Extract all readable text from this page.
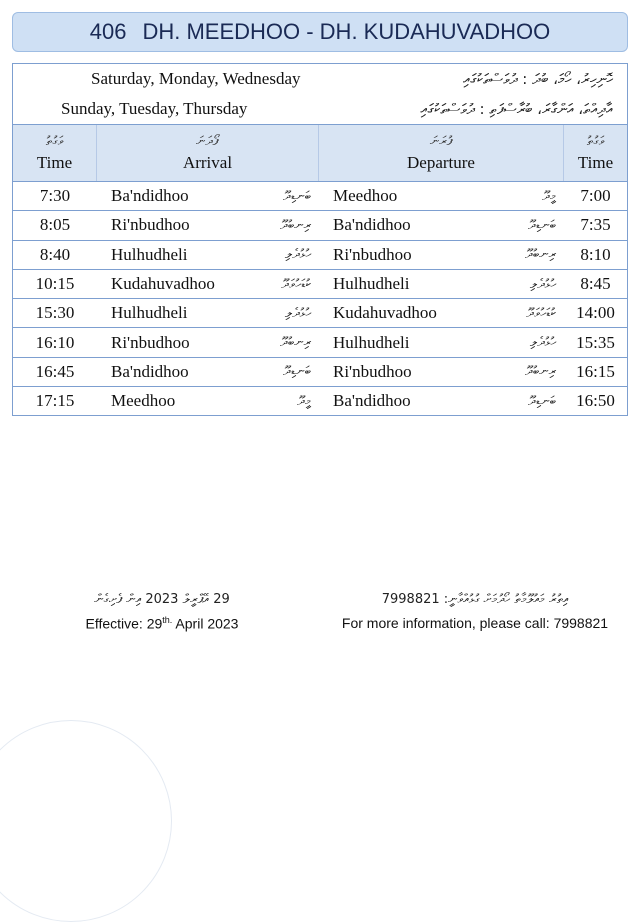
406 DH. MEEDHOO - DH. KUDAHUVADHOO
Saturday, Monday, Wednesday	ހޮނިހިރު، ހޯމަ، ބުދަ : ދުވަސްތަކުގައި
Sunday, Tuesday, Thursday	އާދިއްތަ، އަންގާރަ، ބުރާސްފަތި : ދުވަސްތަކުގައި
ވަގުތު
Time
ފޯދަނަ
Arrival
ފުރަނަ
Departure
ވަގުތު
Time
7:30	Ba'ndidhoo	ބަނޑިދޫ Meedhoo	މީދޫ	7:00
8:05	Ri'nbudhoo	ރިނބުދޫ Ba'ndidhoo	ބަނޑިދޫ	7:35
8:40	Hulhudheli	ހުޅުދެލި Ri'nbudhoo	ރިނބުދޫ	8:10
10:15	Kudahuvadhoo	ކުޑަހުވަދޫ Hulhudheli	ހުޅުދެލި	8:45
15:30	Hulhudheli	ހުޅުދެލި Kudahuvadhoo	ކުޑަހުވަދޫ	14:00
16:10	Ri'nbudhoo	ރިނބުދޫ Hulhudheli	ހުޅުދެލި	15:35
16:45	Ba'ndidhoo	ބަނޑިދޫ Ri'nbudhoo	ރިނބުދޫ	16:15
17:15	Meedhoo	މީދޫ Ba'ndidhoo	ބަނޑިދޫ	16:50
29 އޭޕްރީލް 2023 އިން ފެށިގެން
Effective: $29^{th.}$ April 2023
އިތުރު މައުލޫމާތު ހޯދުމަށް ގުޅުއްވާނީ: 7998821
For more information, please call: 7998821
